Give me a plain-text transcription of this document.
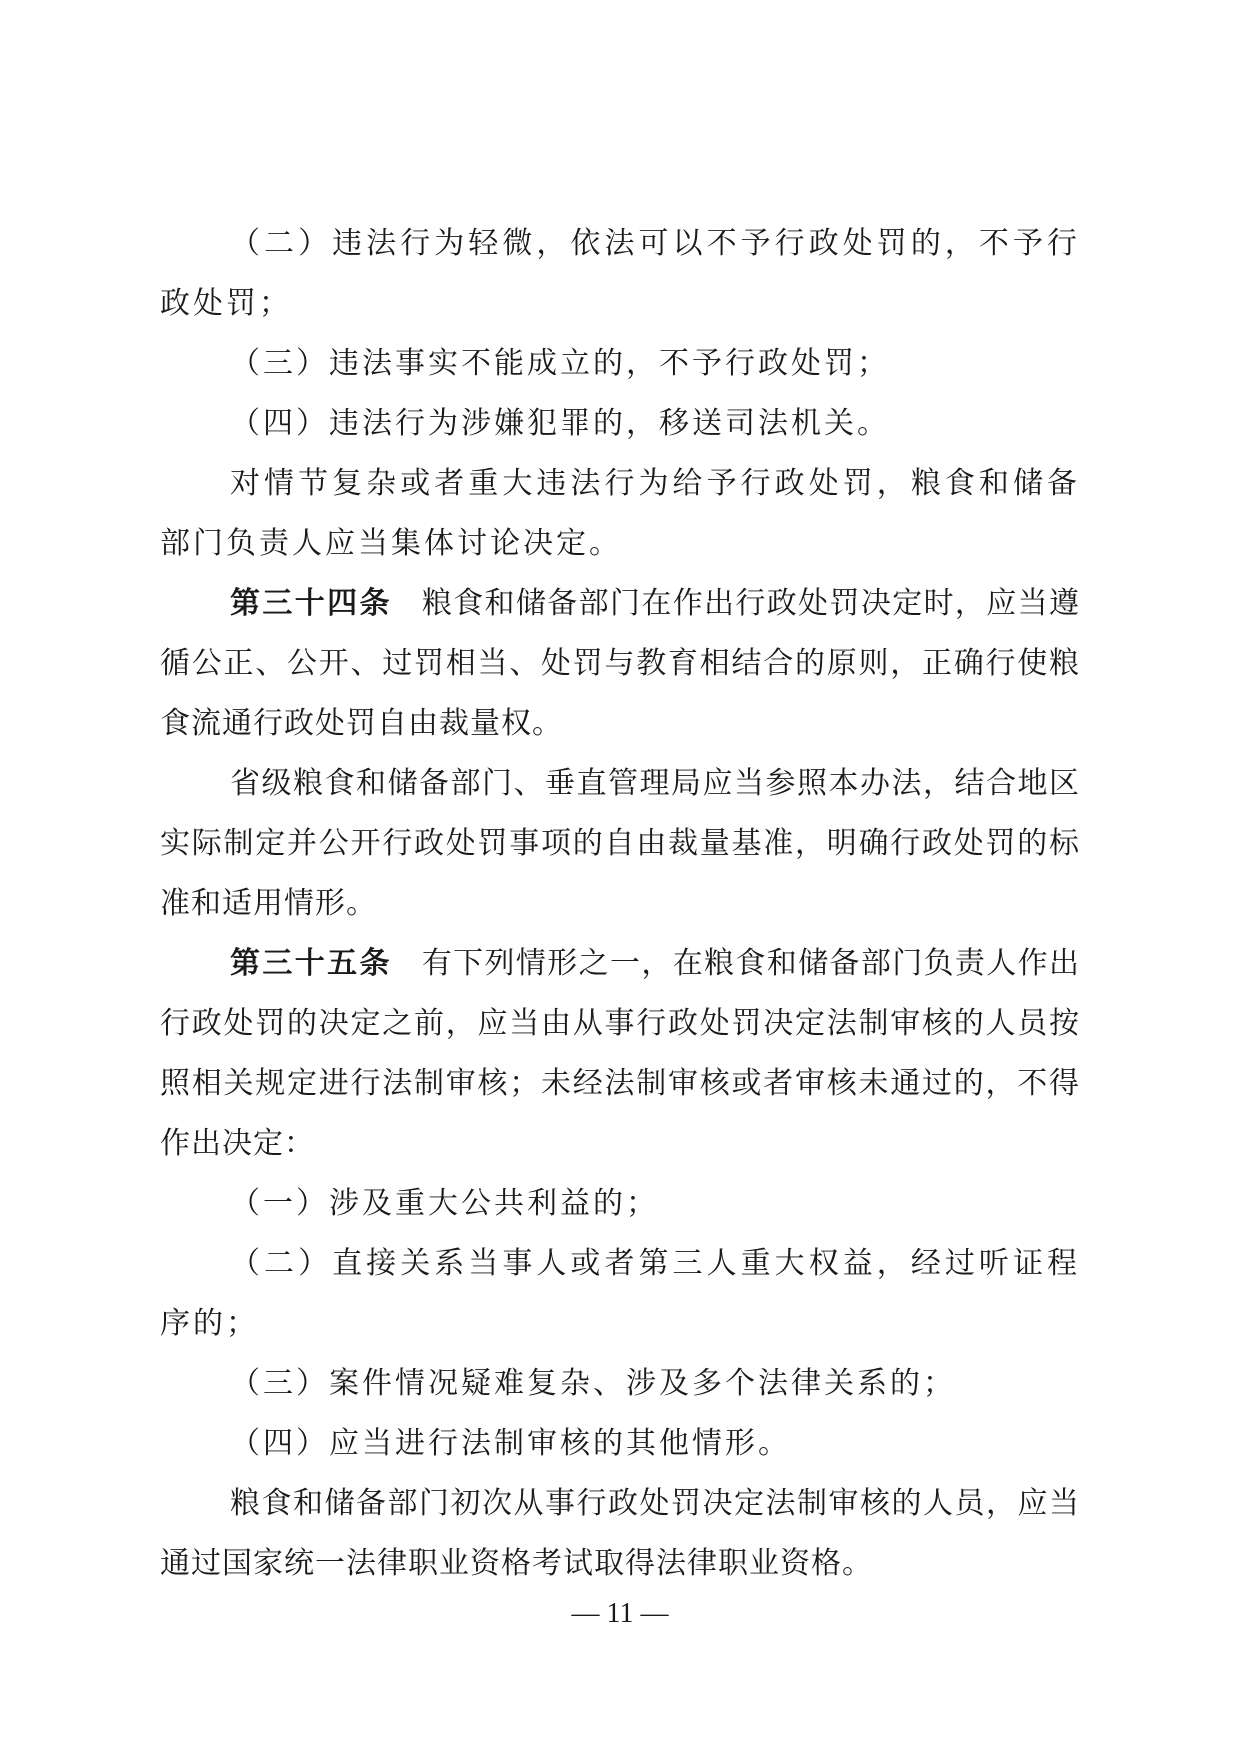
（二）违法行为轻微，依法可以不予行政处罚的，不予行政处罚；

（三）违法事实不能成立的，不予行政处罚；

（四）违法行为涉嫌犯罪的，移送司法机关。

对情节复杂或者重大违法行为给予行政处罚，粮食和储备部门负责人应当集体讨论决定。

第三十四条 粮食和储备部门在作出行政处罚决定时，应当遵循公正、公开、过罚相当、处罚与教育相结合的原则，正确行使粮食流通行政处罚自由裁量权。

省级粮食和储备部门、垂直管理局应当参照本办法，结合地区实际制定并公开行政处罚事项的自由裁量基准，明确行政处罚的标准和适用情形。

第三十五条 有下列情形之一，在粮食和储备部门负责人作出行政处罚的决定之前，应当由从事行政处罚决定法制审核的人员按照相关规定进行法制审核；未经法制审核或者审核未通过的，不得作出决定：

（一）涉及重大公共利益的；

（二）直接关系当事人或者第三人重大权益，经过听证程序的；

（三）案件情况疑难复杂、涉及多个法律关系的；

（四）应当进行法制审核的其他情形。

粮食和储备部门初次从事行政处罚决定法制审核的人员，应当通过国家统一法律职业资格考试取得法律职业资格。

— 11 —
